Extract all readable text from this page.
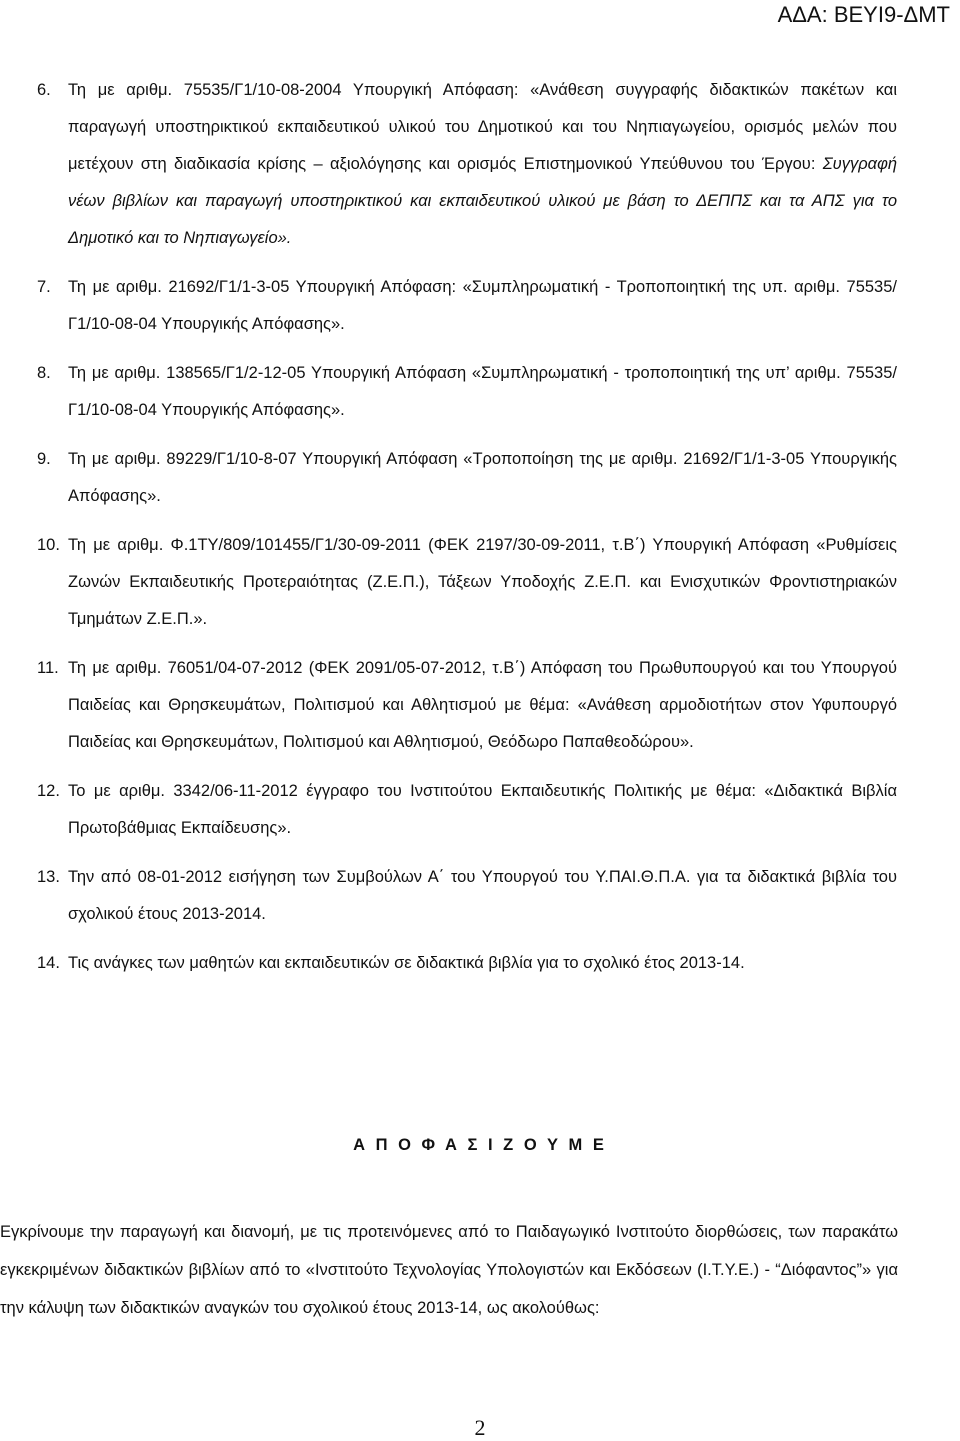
ΑΔΑ: ΒΕΥΙ9-ΔΜΤ
6. Τη με αριθμ. 75535/Γ1/10-08-2004 Υπουργική Απόφαση: «Ανάθεση συγγραφής διδακτικών πακέτων και παραγωγή υποστηρικτικού εκπαιδευτικού υλικού του Δημοτικού και του Νηπιαγωγείου, ορισμός μελών που μετέχουν στη διαδικασία κρίσης – αξιολόγησης και ορισμός Επιστημονικού Υπεύθυνου του Έργου: Συγγραφή νέων βιβλίων και παραγωγή υποστηρικτικού και εκπαιδευτικού υλικού με βάση το ΔΕΠΠΣ και τα ΑΠΣ για το Δημοτικό και το Νηπιαγωγείο».
7. Τη με αριθμ. 21692/Γ1/1-3-05 Υπουργική Απόφαση: «Συμπληρωματική - Τροποποιητική της υπ. αριθμ. 75535/Γ1/10-08-04 Υπουργικής Απόφασης».
8. Τη με αριθμ. 138565/Γ1/2-12-05 Υπουργική Απόφαση «Συμπληρωματική - τροποποιητική της υπ’ αριθμ. 75535/Γ1/10-08-04 Υπουργικής Απόφασης».
9. Τη με αριθμ. 89229/Γ1/10-8-07 Υπουργική Απόφαση «Τροποποίηση της με αριθμ. 21692/Γ1/1-3-05 Υπουργικής Απόφασης».
10. Τη με αριθμ. Φ.1ΤΥ/809/101455/Γ1/30-09-2011 (ΦΕΚ 2197/30-09-2011, τ.Β΄) Υπουργική Απόφαση «Ρυθμίσεις Ζωνών Εκπαιδευτικής Προτεραιότητας (Ζ.Ε.Π.), Τάξεων Υποδοχής Ζ.Ε.Π. και Ενισχυτικών Φροντιστηριακών Τμημάτων Ζ.Ε.Π.».
11. Τη με αριθμ. 76051/04-07-2012 (ΦΕΚ 2091/05-07-2012, τ.Β΄) Απόφαση του Πρωθυπουργού και του Υπουργού Παιδείας και Θρησκευμάτων, Πολιτισμού και Αθλητισμού με θέμα: «Ανάθεση αρμοδιοτήτων στον Υφυπουργό Παιδείας και Θρησκευμάτων, Πολιτισμού και Αθλητισμού, Θεόδωρο Παπαθεοδώρου».
12. Το με αριθμ. 3342/06-11-2012 έγγραφο του Ινστιτούτου Εκπαιδευτικής Πολιτικής με θέμα: «Διδακτικά Βιβλία Πρωτοβάθμιας Εκπαίδευσης».
13. Την από 08-01-2012 εισήγηση των Συμβούλων Α΄ του Υπουργού του Υ.ΠΑΙ.Θ.Π.Α. για τα διδακτικά βιβλία του σχολικού έτους 2013-2014.
14. Τις ανάγκες των μαθητών και εκπαιδευτικών σε διδακτικά βιβλία για το σχολικό έτος 2013-14.
Α Π Ο Φ Α Σ Ι Ζ Ο Υ Μ Ε
Εγκρίνουμε την παραγωγή και διανομή, με τις προτεινόμενες από το Παιδαγωγικό Ινστιτούτο διορθώσεις, των παρακάτω εγκεκριμένων διδακτικών βιβλίων από το «Ινστιτούτο Τεχνολογίας Υπολογιστών και Εκδόσεων (Ι.Τ.Υ.Ε.) - “Διόφαντος”» για την κάλυψη των διδακτικών αναγκών του σχολικού έτους 2013-14, ως ακολούθως:
2
